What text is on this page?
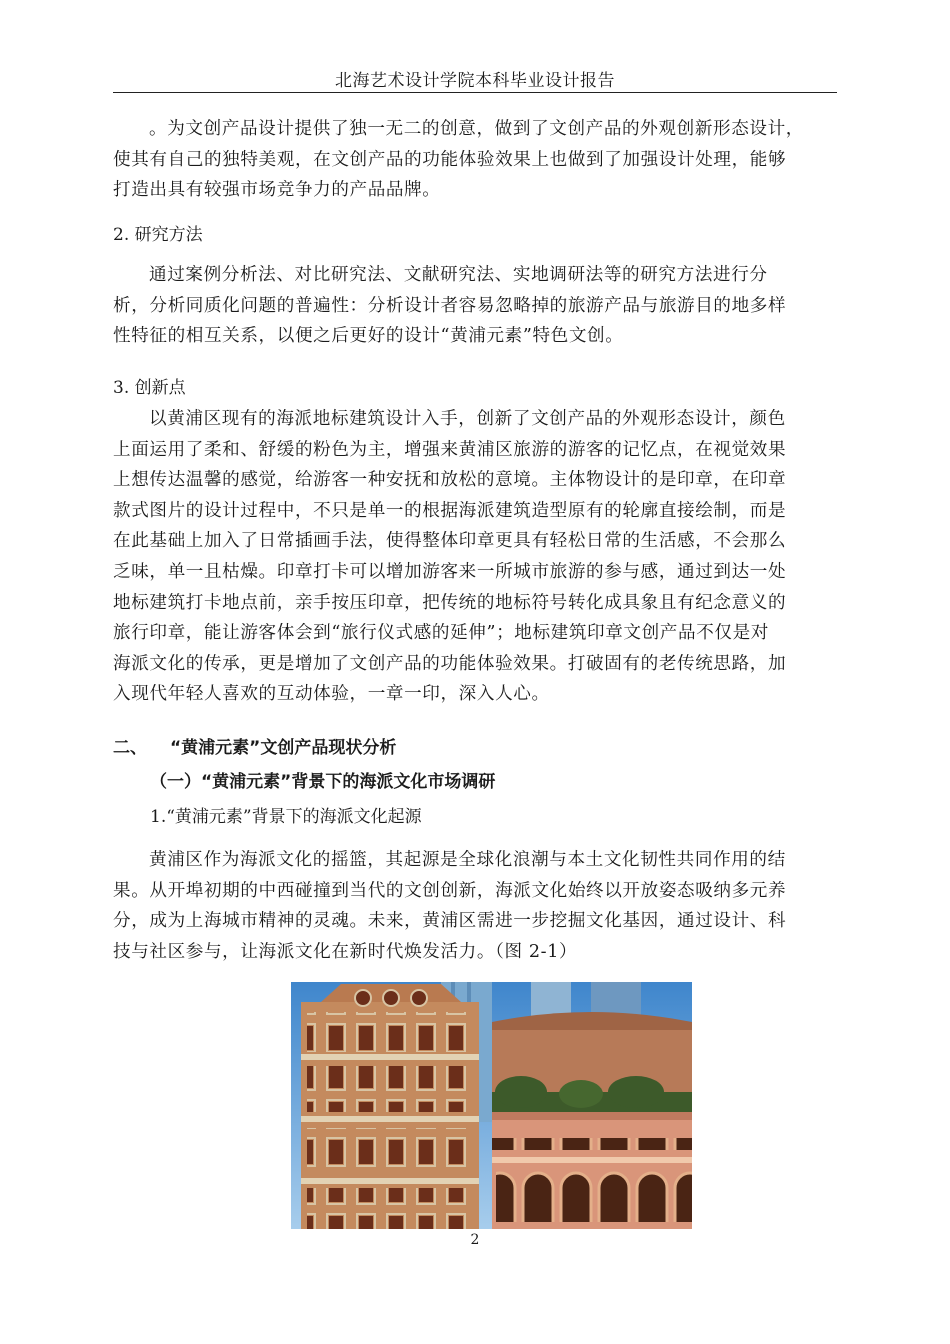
北海艺术设计学院本科毕业设计报告
。为文创产品设计提供了独一无二的创意，做到了文创产品的外观创新形态设计，
使其有自己的独特美观，在文创产品的功能体验效果上也做到了加强设计处理，能够
打造出具有较强市场竞争力的产品品牌。
2. 研究方法
通过案例分析法、对比研究法、文献研究法、实地调研法等的研究方法进行分
析，分析同质化问题的普遍性：分析设计者容易忽略掉的旅游产品与旅游目的地多样
性特征的相互关系，以便之后更好的设计“黄浦元素”特色文创。
3. 创新点
以黄浦区现有的海派地标建筑设计入手，创新了文创产品的外观形态设计，颜色
上面运用了柔和、舒缓的粉色为主，增强来黄浦区旅游的游客的记忆点，在视觉效果
上想传达温馨的感觉，给游客一种安抚和放松的意境。主体物设计的是印章，在印章
款式图片的设计过程中，不只是单一的根据海派建筑造型原有的轮廓直接绘制，而是
在此基础上加入了日常插画手法，使得整体印章更具有轻松日常的生活感，不会那么
乏味，单一且枯燥。印章打卡可以增加游客来一所城市旅游的参与感，通过到达一处
地标建筑打卡地点前，亲手按压印章，把传统的地标符号转化成具象且有纪念意义的
旅行印章，能让游客体会到“旅行仪式感的延伸”；地标建筑印章文创产品不仅是对
海派文化的传承，更是增加了文创产品的功能体验效果。打破固有的老传统思路，加
入现代年轻人喜欢的互动体验，一章一印，深入人心。
二、 “黄浦元素”文创产品现状分析
（一）“黄浦元素”背景下的海派文化市场调研
1.“黄浦元素”背景下的海派文化起源
黄浦区作为海派文化的摇篮，其起源是全球化浪潮与本土文化韧性共同作用的结
果。从开埠初期的中西碰撞到当代的文创创新，海派文化始终以开放姿态吸纳多元养
分，成为上海城市精神的灵魂。未来，黄浦区需进一步挖掘文化基因，通过设计、科
技与社区参与，让海派文化在新时代焕发活力。（图 2-1）
2
